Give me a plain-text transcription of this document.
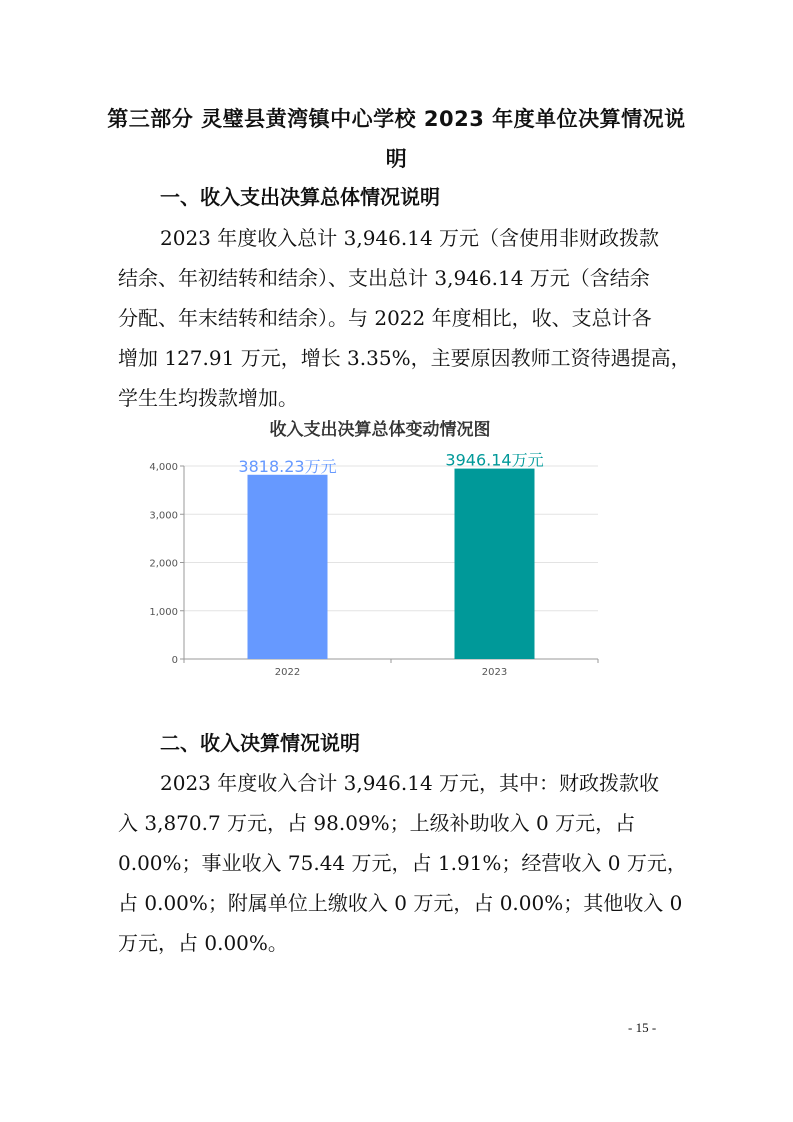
第三部分 灵璧县黄湾镇中心学校 2023 年度单位决算情况说
明
一、收入支出决算总体情况说明
2023 年度收入总计 3,946.14 万元（含使用非财政拨款
结余、年初结转和结余）、支出总计 3,946.14 万元（含结余
分配、年末结转和结余）。与 2022 年度相比，收、支总计各
增加 127.91 万元，增长 3.35%，主要原因教师工资待遇提高，
学生生均拨款增加。
收入支出决算总体变动情况图
0
1,000
2,000
3,000
4,000	3818.23万元
2022
3946.14万元
2023
二、收入决算情况说明
2023 年度收入合计 3,946.14 万元，其中：财政拨款收
入 3,870.7 万元，占 98.09%；上级补助收入 0 万元，占
0.00%；事业收入 75.44 万元，占 1.91%；经营收入 0 万元，
占 0.00%；附属单位上缴收入 0 万元，占 0.00%；其他收入 0
万元，占 0.00%。
- 15 -
